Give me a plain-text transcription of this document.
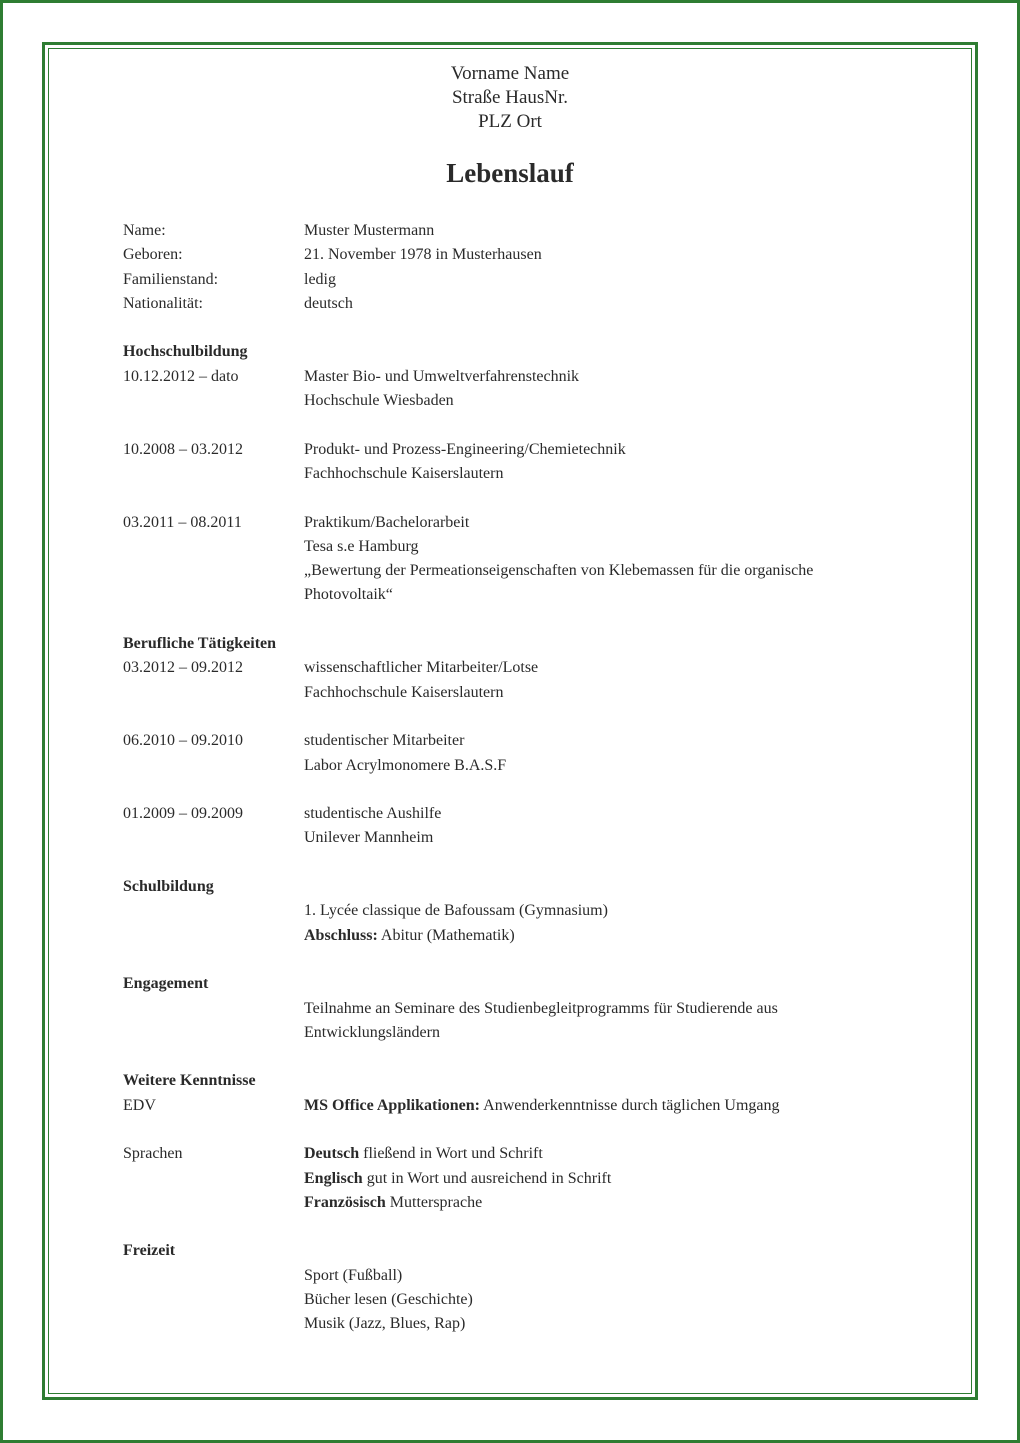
Vorname Name
Straße HausNr.
PLZ Ort
Lebenslauf
Name:	Muster Mustermann
Geboren:	21. November 1978 in Musterhausen
Familienstand:	ledig
Nationalität:	deutsch
Hochschulbildung
10.12.2012 – dato	Master Bio- und Umweltverfahrenstechnik
Hochschule Wiesbaden
10.2008 – 03.2012	Produkt- und Prozess-Engineering/Chemietechnik
Fachhochschule Kaiserslautern
03.2011 – 08.2011	Praktikum/Bachelorarbeit
Tesa s.e Hamburg
„Bewertung der Permeationseigenschaften von Klebemassen für die organische
Photovoltaik“
Berufliche Tätigkeiten
03.2012 – 09.2012	wissenschaftlicher Mitarbeiter/Lotse
Fachhochschule Kaiserslautern
06.2010 – 09.2010	studentischer Mitarbeiter
Labor Acrylmonomere B.A.S.F
01.2009 – 09.2009	studentische Aushilfe
Unilever Mannheim
Schulbildung
1. Lycée classique de Bafoussam (Gymnasium)
Abschluss: Abitur (Mathematik)
Engagement
Teilnahme an Seminare des Studienbegleitprogramms für Studierende aus
Entwicklungsländern
Weitere Kenntnisse
EDV	MS Office Applikationen: Anwenderkenntnisse durch täglichen Umgang
Sprachen	Deutsch fließend in Wort und Schrift
Englisch gut in Wort und ausreichend in Schrift
Französisch Muttersprache
Freizeit
Sport (Fußball)
Bücher lesen (Geschichte)
Musik (Jazz, Blues, Rap)
